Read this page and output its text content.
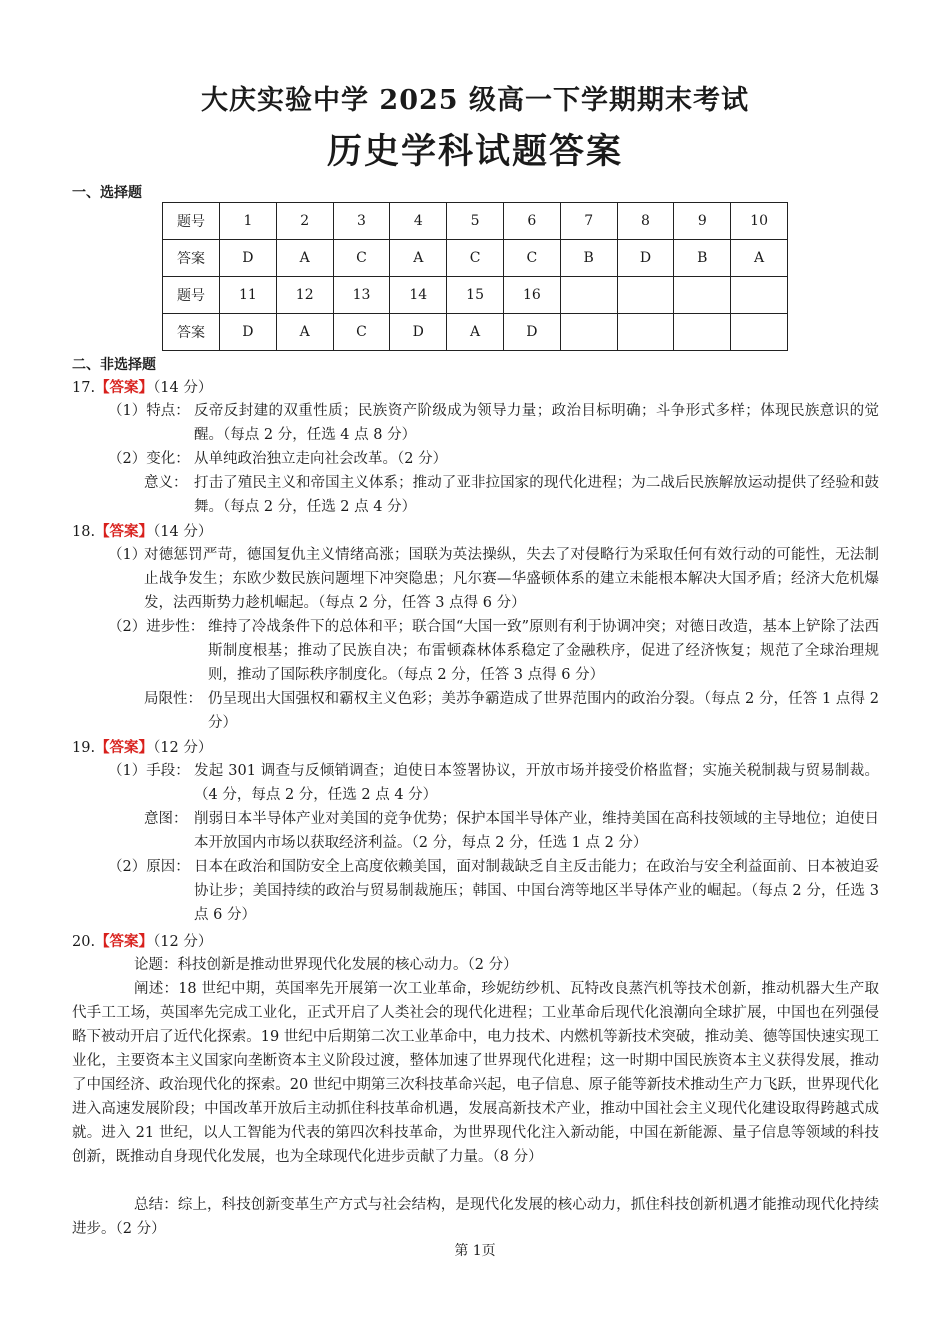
大庆实验中学 2025 级高一下学期期末考试
历史学科试题答案
一、选择题
题号	1	2	3	4	5	6	7	8	9	10
答案	D	A	C	A	C	C	B	D	B	A
题号	11	12	13	14	15	16				
答案	D	A	C	D	A	D				
二、非选择题
17.【答案】（14 分）
（1）特点： 反帝反封建的双重性质；民族资产阶级成为领导力量；政治目标明确；斗争形式多样；体现民族意识的觉醒。（每点 2 分，任选 4 点 8 分）
（2）变化： 从单纯政治独立走向社会改革。（2 分）
意义： 打击了殖民主义和帝国主义体系；推动了亚非拉国家的现代化进程；为二战后民族解放运动提供了经验和鼓舞。（每点 2 分，任选 2 点 4 分）
18.【答案】（14 分）
（1）
对德惩罚严苛，德国复仇主义情绪高涨；国联为英法操纵，失去了对侵略行为采取任何有效行动的可能性，无法制止战争发生；东欧少数民族问题埋下冲突隐患；凡尔赛—华盛顿体系的建立未能根本解决大国矛盾；经济大危机爆发，法西斯势力趁机崛起。（每点 2 分，任答 3 点得 6 分）
（2）进步性： 维持了冷战条件下的总体和平；联合国“大国一致”原则有利于协调冲突；对德日改造，基本上铲除了法西斯制度根基；推动了民族自决；布雷顿森林体系稳定了金融秩序，促进了经济恢复；规范了全球治理规则，推动了国际秩序制度化。（每点 2 分，任答 3 点得 6 分）
局限性： 仍呈现出大国强权和霸权主义色彩；美苏争霸造成了世界范围内的政治分裂。（每点 2 分，任答 1 点得 2 分）
19.【答案】（12 分）
（1）手段： 发起 301 调查与反倾销调查；迫使日本签署协议，开放市场并接受价格监督；实施关税制裁与贸易制裁。（4 分，每点 2 分，任选 2 点 4 分）
意图： 削弱日本半导体产业对美国的竞争优势；保护本国半导体产业，维持美国在高科技领域的主导地位；迫使日本开放国内市场以获取经济利益。（2 分，每点 2 分，任选 1 点 2 分）
（2）原因： 日本在政治和国防安全上高度依赖美国，面对制裁缺乏自主反击能力；在政治与安全利益面前、日本被迫妥协让步；美国持续的政治与贸易制裁施压；韩国、中国台湾等地区半导体产业的崛起。（每点 2 分，任选 3 点 6 分）
20.【答案】（12 分）
论题：科技创新是推动世界现代化发展的核心动力。（2 分）
阐述：18 世纪中期，英国率先开展第一次工业革命，珍妮纺纱机、瓦特改良蒸汽机等技术创新，推动机器大生产取代手工工场，英国率先完成工业化，正式开启了人类社会的现代化进程；工业革命后现代化浪潮向全球扩展，中国也在列强侵略下被动开启了近代化探索。19 世纪中后期第二次工业革命中，电力技术、内燃机等新技术突破，推动美、德等国快速实现工业化，主要资本主义国家向垄断资本主义阶段过渡，整体加速了世界现代化进程；这一时期中国民族资本主义获得发展，推动了中国经济、政治现代化的探索。20 世纪中期第三次科技革命兴起，电子信息、原子能等新技术推动生产力飞跃，世界现代化进入高速发展阶段；中国改革开放后主动抓住科技革命机遇，发展高新技术产业，推动中国社会主义现代化建设取得跨越式成就。进入 21 世纪，以人工智能为代表的第四次科技革命，为世界现代化注入新动能，中国在新能源、量子信息等领域的科技创新，既推动自身现代化发展，也为全球现代化进步贡献了力量。（8 分）
总结：综上，科技创新变革生产方式与社会结构，是现代化发展的核心动力，抓住科技创新机遇才能推动现代化持续进步。（2 分）
第 1页
